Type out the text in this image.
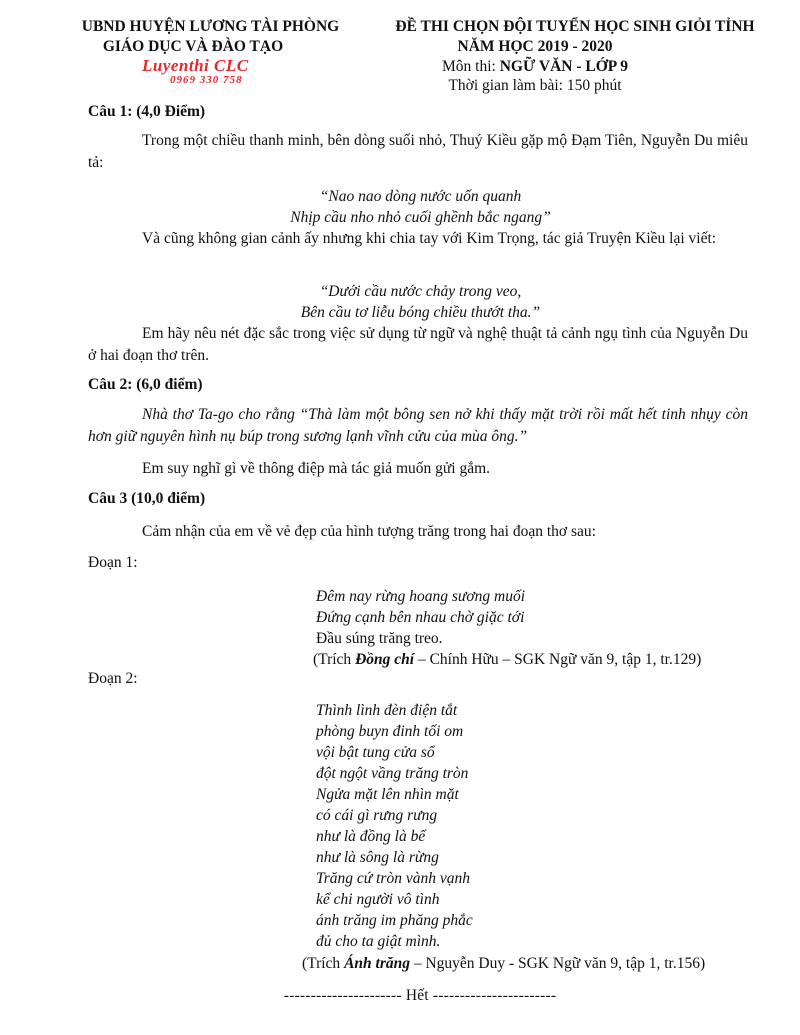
UBND HUYỆN LƯƠNG TÀI PHÒNG
GIÁO DỤC VÀ ĐÀO TẠO
Luyenthi CLC
0969 330 758
ĐỀ THI CHỌN ĐỘI TUYỂN HỌC SINH GIỎI TỈNH
NĂM HỌC 2019 - 2020
Môn thi: NGỮ VĂN - LỚP 9
Thời gian làm bài: 150 phút
Câu 1: (4,0 Điểm)
Trong một chiều thanh minh, bên dòng suối nhỏ, Thuý Kiều gặp mộ Đạm Tiên, Nguyễn Du miêu tả:
“Nao nao dòng nước uốn quanh
Nhịp cầu nho nhỏ cuối ghềnh bắc ngang”
Và cũng không gian cảnh ấy nhưng khi chia tay với Kim Trọng, tác giả Truyện Kiều lại viết:
“Dưới cầu nước chảy trong veo,
Bên cầu tơ liễu bóng chiều thướt tha.”
Em hãy nêu nét đặc sắc trong việc sử dụng từ ngữ và nghệ thuật tả cảnh ngụ tình của Nguyễn Du ở hai đoạn thơ trên.
Câu 2: (6,0 điểm)
Nhà thơ Ta-go cho rằng “Thà làm một bông sen nở khi thấy mặt trời rồi mất hết tinh nhụy còn hơn giữ nguyên hình nụ búp trong sương lạnh vĩnh cửu của mùa ông.”
Em suy nghĩ gì về thông điệp mà tác giả muốn gửi gắm.
Câu 3 (10,0 điểm)
Cảm nhận của em về vẻ đẹp của hình tượng trăng trong hai đoạn thơ sau:
Đoạn 1:
Đêm nay rừng hoang sương muối
Đứng cạnh bên nhau chờ giặc tới
Đầu súng trăng treo.
(Trích Đồng chí – Chính Hữu – SGK Ngữ văn 9, tập 1, tr.129)
Đoạn 2:
Thình lình đèn điện tắt
phòng buyn đinh tối om
vội bật tung cửa sổ
đột ngột vầng trăng tròn
Ngửa mặt lên nhìn mặt
có cái gì rưng rưng
như là đồng là bể
như là sông là rừng
Trăng cứ tròn vành vạnh
kể chi người vô tình
ánh trăng im phăng phắc
đủ cho ta giật mình.
(Trích Ánh trăng – Nguyễn Duy - SGK Ngữ văn 9, tập 1, tr.156)
---------------------- Hết -----------------------
